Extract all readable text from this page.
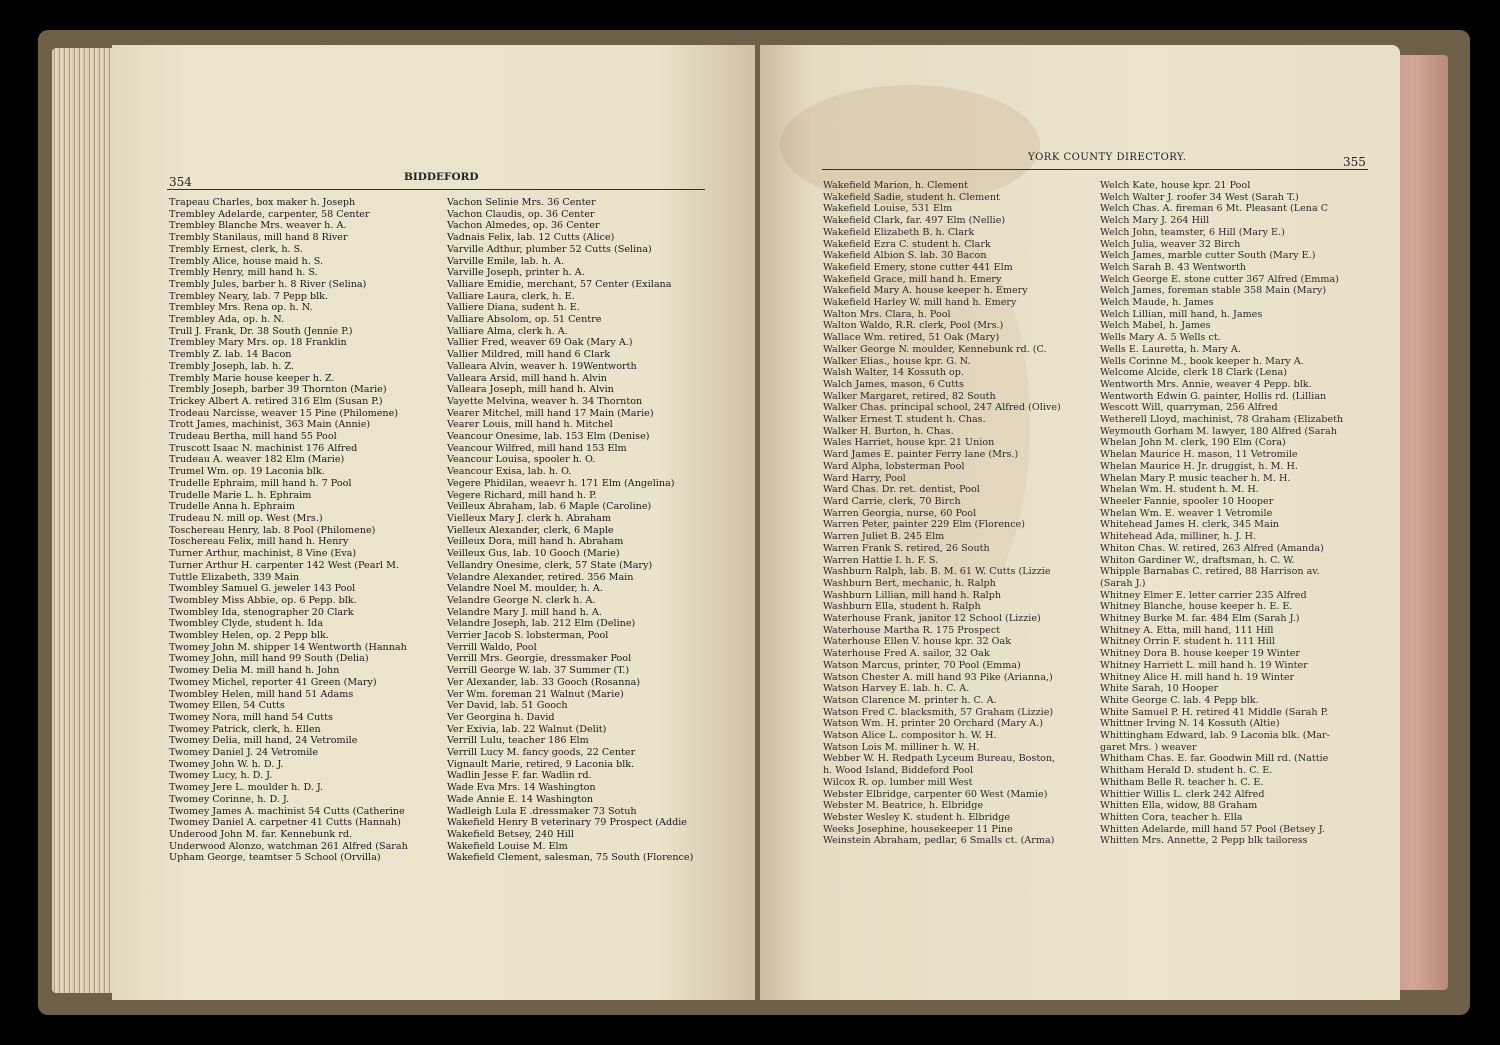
354	BIDDEFORD
Trapeau Charles, box maker h. Joseph
Trembley Adelarde, carpenter, 58 Center
Trembley Blanche Mrs. weaver h. A.
Trembly Stanilaus, mill hand 8 River
Trembly Ernest, clerk, h. S.
Trembly Alice, house maid h. S.
Trembly Henry, mill hand h. S.
Trembly Jules, barber h. 8 River (Selina)
Trembley Neary, lab. 7 Pepp blk.
Trembley Mrs. Rena op. h. N.
Trembley Ada, op. h. N.
Trull J. Frank, Dr. 38 South (Jennie P.)
Trembley Mary Mrs. op. 18 Franklin
Trembly Z. lab. 14 Bacon
Trembly Joseph, lab. h. Z.
Trembly Marie house keeper h. Z.
Trembly Joseph, barber 39 Thornton (Marie)
Trickey Albert A. retired 316 Elm (Susan P.)
Trodeau Narcisse, weaver 15 Pine (Philomene)
Trott James, machinist, 363 Main (Annie)
Trudeau Bertha, mill hand 55 Pool
Truscott Isaac N. machinist 176 Alfred
Trudeau A. weaver 182 Elm (Marie)
Trumel Wm. op. 19 Laconia blk.
Trudelle Ephraim, mill hand h. 7 Pool
Trudelle Marie L. h. Ephraim
Trudelle Anna h. Ephraim
Trudeau N. mill op. West (Mrs.)
Toschereau Henry, lab. 8 Pool (Philomene)
Toschereau Felix, mill hand h. Henry
Turner Arthur, machinist, 8 Vine (Eva)
Turner Arthur H. carpenter 142 West (Pearl M.
Tuttle Elizabeth, 339 Main
Twombley Samuel G. jeweler 143 Pool
Twombley Miss Abbie, op. 6 Pepp. blk.
Twombley Ida, stenographer 20 Clark
Twombley Clyde, student h. Ida
Twombley Helen, op. 2 Pepp blk.
Twomey John M. shipper 14 Wentworth (Hannah
Twomey John, mill hand 99 South (Delia)
Twomey Delia M. mill hand h. John
Twomey Michel, reporter 41 Green (Mary)
Twombley Helen, mill hand 51 Adams
Twomey Ellen, 54 Cutts
Twomey Nora, mill hand 54 Cutts
Twomey Patrick, clerk, h. Ellen
Twomey Delia, mill hand, 24 Vetromile
Twomey Daniel J. 24 Vetromile
Twomey John W. h. D. J.
Twomey Lucy, h. D. J.
Twomey Jere L. moulder h. D. J.
Twomey Corinne, h. D. J.
Twomey James A. machinist 54 Cutts (Catherine
Twomey Daniel A. carpetner 41 Cutts (Hannah)
Underood John M. far. Kennebunk rd.
Underwood Alonzo, watchman 261 Alfred (Sarah
Upham George, teamtser 5 School (Orvilla)
Vachon Selinie Mrs. 36 Center
Vachon Claudis, op. 36 Center
Vachon Almedes, op. 36 Center
Vadnais Felix, lab. 12 Cutts (Alice)
Varville Adthur, plumber 52 Cutts (Selina)
Varville Emile, lab. h. A.
Varville Joseph, printer h. A.
Valliare Emidie, merchant, 57 Center (Exilana
Valliare Laura, clerk, h. E.
Valliere Diana, sudent h. E.
Valliare Absolom, op. 51 Centre
Valliare Alma, clerk h. A.
Vallier Fred, weaver 69 Oak (Mary A.)
Vallier Mildred, mill hand 6 Clark
Valleara Alvin, weaver h. 19Wentworth
Valleara Arsid, mill hand h. Alvin
Valleara Joseph, mill hand h. Alvin
Vayette Melvina, weaver h. 34 Thornton
Vearer Mitchel, mill hand 17 Main (Marie)
Vearer Louis, mill hand h. Mitchel
Veancour Onesime, lab. 153 Elm (Denise)
Veancour Wilfred, mill hand 153 Elm
Veancour Louisa, spooler h. O.
Veancour Exisa, lab. h. O.
Vegere Phidilan, weaevr h. 171 Elm (Angelina)
Vegere Richard, mill hand h. P.
Veilleux Abraham, lab. 6 Maple (Caroline)
Vielleux Mary J. clerk h. Abraham
Vielleux Alexander, clerk, 6 Maple
Veilleux Dora, mill hand h. Abraham
Veilleux Gus, lab. 10 Gooch (Marie)
Vellandry Onesime, clerk, 57 State (Mary)
Velandre Alexander, retired. 356 Main
Velandre Noel M. moulder, h. A.
Velandre George N. clerk h. A.
Velandre Mary J. mill hand h. A.
Velandre Joseph, lab. 212 Elm (Deline)
Verrier Jacob S. lobsterman, Pool
Verrill Waldo, Pool
Verrill Mrs. Georgie, dressmaker Pool
Verrill George W. lab. 37 Summer (T.)
Ver Alexander, lab. 33 Gooch (Rosanna)
Ver Wm. foreman 21 Walnut (Marie)
Ver David, lab. 51 Gooch
Ver Georgina h. David
Ver Exivia, lab. 22 Walnut (Delit)
Verrill Lulu, teacher 186 Elm
Verrill Lucy M. fancy goods, 22 Center
Vignault Marie, retired, 9 Laconia blk.
Wadlin Jesse F. far. Wadlin rd.
Wade Eva Mrs. 14 Washington
Wade Annie E. 14 Washington
Wadleigh Lula E .dressmaker 73 Sotuh
Wakefield Henry B veterinary 79 Prospect (Addie
Wakefield Betsey, 240 Hill
Wakefield Louise M. Elm
Wakefield Clement, salesman, 75 South (Florence)
YORK COUNTY DIRECTORY.	355
Wakefield Marion, h. Clement
Wakefield Sadie, student h. Clement
Wakefield Louise, 531 Elm
Wakefield Clark, far. 497 Elm (Nellie)
Wakefield Elizabeth B. h. Clark
Wakefield Ezra C. student h. Clark
Wakefield Albion S. lab. 30 Bacon
Wakefield Emery, stone cutter 441 Elm
Wakefield Grace, mill hand h. Emery
Wakefield Mary A. house keeper h. Emery
Wakefield Harley W. mill hand h. Emery
Walton Mrs. Clara, h. Pool
Walton Waldo, R.R. clerk, Pool (Mrs.)
Wallace Wm. retired, 51 Oak (Mary)
Walker George N. moulder, Kennebunk rd. (C.
Walker Elias., house kpr. G. N.
Walsh Walter, 14 Kossuth op.
Walch James, mason, 6 Cutts
Walker Margaret, retired, 82 South
Walker Chas. principal school, 247 Alfred (Olive)
Walker Ernest T. student h. Chas.
Walker H. Burton, h. Chas.
Wales Harriet, house kpr. 21 Union
Ward James E. painter Ferry lane (Mrs.)
Ward Alpha, lobsterman Pool
Ward Harry, Pool
Ward Chas. Dr. ret. dentist, Pool
Ward Carrie, clerk, 70 Birch
Warren Georgia, nurse, 60 Pool
Warren Peter, painter 229 Elm (Florence)
Warren Juliet B. 245 Elm
Warren Frank S. retired, 26 South
Warren Hattie I. h. F. S.
Washburn Ralph, lab. B. M. 61 W. Cutts (Lizzie
Washburn Bert, mechanic, h. Ralph
Washburn Lillian, mill hand h. Ralph
Washburn Ella, student h. Ralph
Waterhouse Frank, janitor 12 School (Lizzie)
Waterhouse Martha R. 175 Prospect
Waterhouse Ellen V. house kpr. 32 Oak
Waterhouse Fred A. sailor, 32 Oak
Watson Marcus, printer, 70 Pool (Emma)
Watson Chester A. mill hand 93 Pike (Arianna,)
Watson Harvey E. lab. h. C. A.
Watson Clarence M. printer h. C. A.
Watson Fred C. blacksmith, 57 Graham (Lizzie)
Watson Wm. H. printer 20 Orchard (Mary A.)
Watson Alice L. compositor h. W. H.
Watson Lois M. milliner h. W. H.
Webber W. H. Redpath Lyceum Bureau, Boston,
h. Wood Island, Biddeford Pool
Wilcox R. op. lumber mill West
Webster Elbridge, carpenter 60 West (Mamie)
Webster M. Beatrice, h. Elbridge
Webster Wesley K. student h. Elbridge
Weeks Josephine, housekeeper 11 Pine
Weinstein Abraham, pedlar, 6 Smalls ct. (Arma)
Welch Kate, house kpr. 21 Pool
Welch Walter J. roofer 34 West (Sarah T.)
Welch Chas. A. fireman 6 Mt. Pleasant (Lena C
Welch Mary J. 264 Hill
Welch John, teamster, 6 Hill (Mary E.)
Welch Julia, weaver 32 Birch
Welch James, marble cutter South (Mary E.)
Welch Sarah B. 43 Wentworth
Welch George E. stone cutter 367 Alfred (Emma)
Welch James, foreman stable 358 Main (Mary)
Welch Maude, h. James
Welch Lillian, mill hand, h. James
Welch Mabel, h. James
Wells Mary A. 5 Wells ct.
Wells E. Lauretta, h. Mary A.
Wells Corinne M., book keeper h. Mary A.
Welcome Alcide, clerk 18 Clark (Lena)
Wentworth Mrs. Annie, weaver 4 Pepp. blk.
Wentworth Edwin G. painter, Hollis rd. (Lillian
Wescott Will, quarryman, 256 Alfred
Wetherell Lloyd, machinist, 78 Graham (Elizabeth
Weymouth Gorham M. lawyer, 180 Alfred (Sarah
Whelan John M. clerk, 190 Elm (Cora)
Whelan Maurice H. mason, 11 Vetromile
Whelan Maurice H. Jr. druggist, h. M. H.
Whelan Mary P. music teacher h. M. H.
Whelan Wm. H. student h. M. H.
Wheeler Fannie, spooler 10 Hooper
Whelan Wm. E. weaver 1 Vetromile
Whitehead James H. clerk, 345 Main
Whitehead Ada, milliner, h. J. H.
Whiton Chas. W. retired, 263 Alfred (Amanda)
Whiton Gardiner W., draftsman, h. C. W.
Whipple Barnabas C. retired, 88 Harrison av.
(Sarah J.)
Whitney Elmer E. letter carrier 235 Alfred
Whitney Blanche, house keeper h. E. E.
Whitney Burke M. far. 484 Elm (Sarah J.)
Whitney A. Etta, mill hand, 111 Hill
Whitney Orrin F. student h. 111 Hill
Whitney Dora B. house keeper 19 Winter
Whitney Harriett L. mill hand h. 19 Winter
Whitney Alice H. mill hand h. 19 Winter
White Sarah, 10 Hooper
White George C. lab. 4 Pepp blk.
White Samuel P. H. retired 41 Middle (Sarah P.
Whittner Irving N. 14 Kossuth (Altie)
Whittingham Edward, lab. 9 Laconia blk. (Mar-
garet Mrs. ) weaver
Whitham Chas. E. far. Goodwin Mill rd. (Nattie
Whitham Herald D. student h. C. E.
Whitham Belle R. teacher h. C. E.
Whittier Willis L. clerk 242 Alfred
Whitten Ella, widow, 88 Graham
Whitten Cora, teacher h. Ella
Whitten Adelarde, mill hand 57 Pool (Betsey J.
Whitten Mrs. Annette, 2 Pepp blk tailoress
